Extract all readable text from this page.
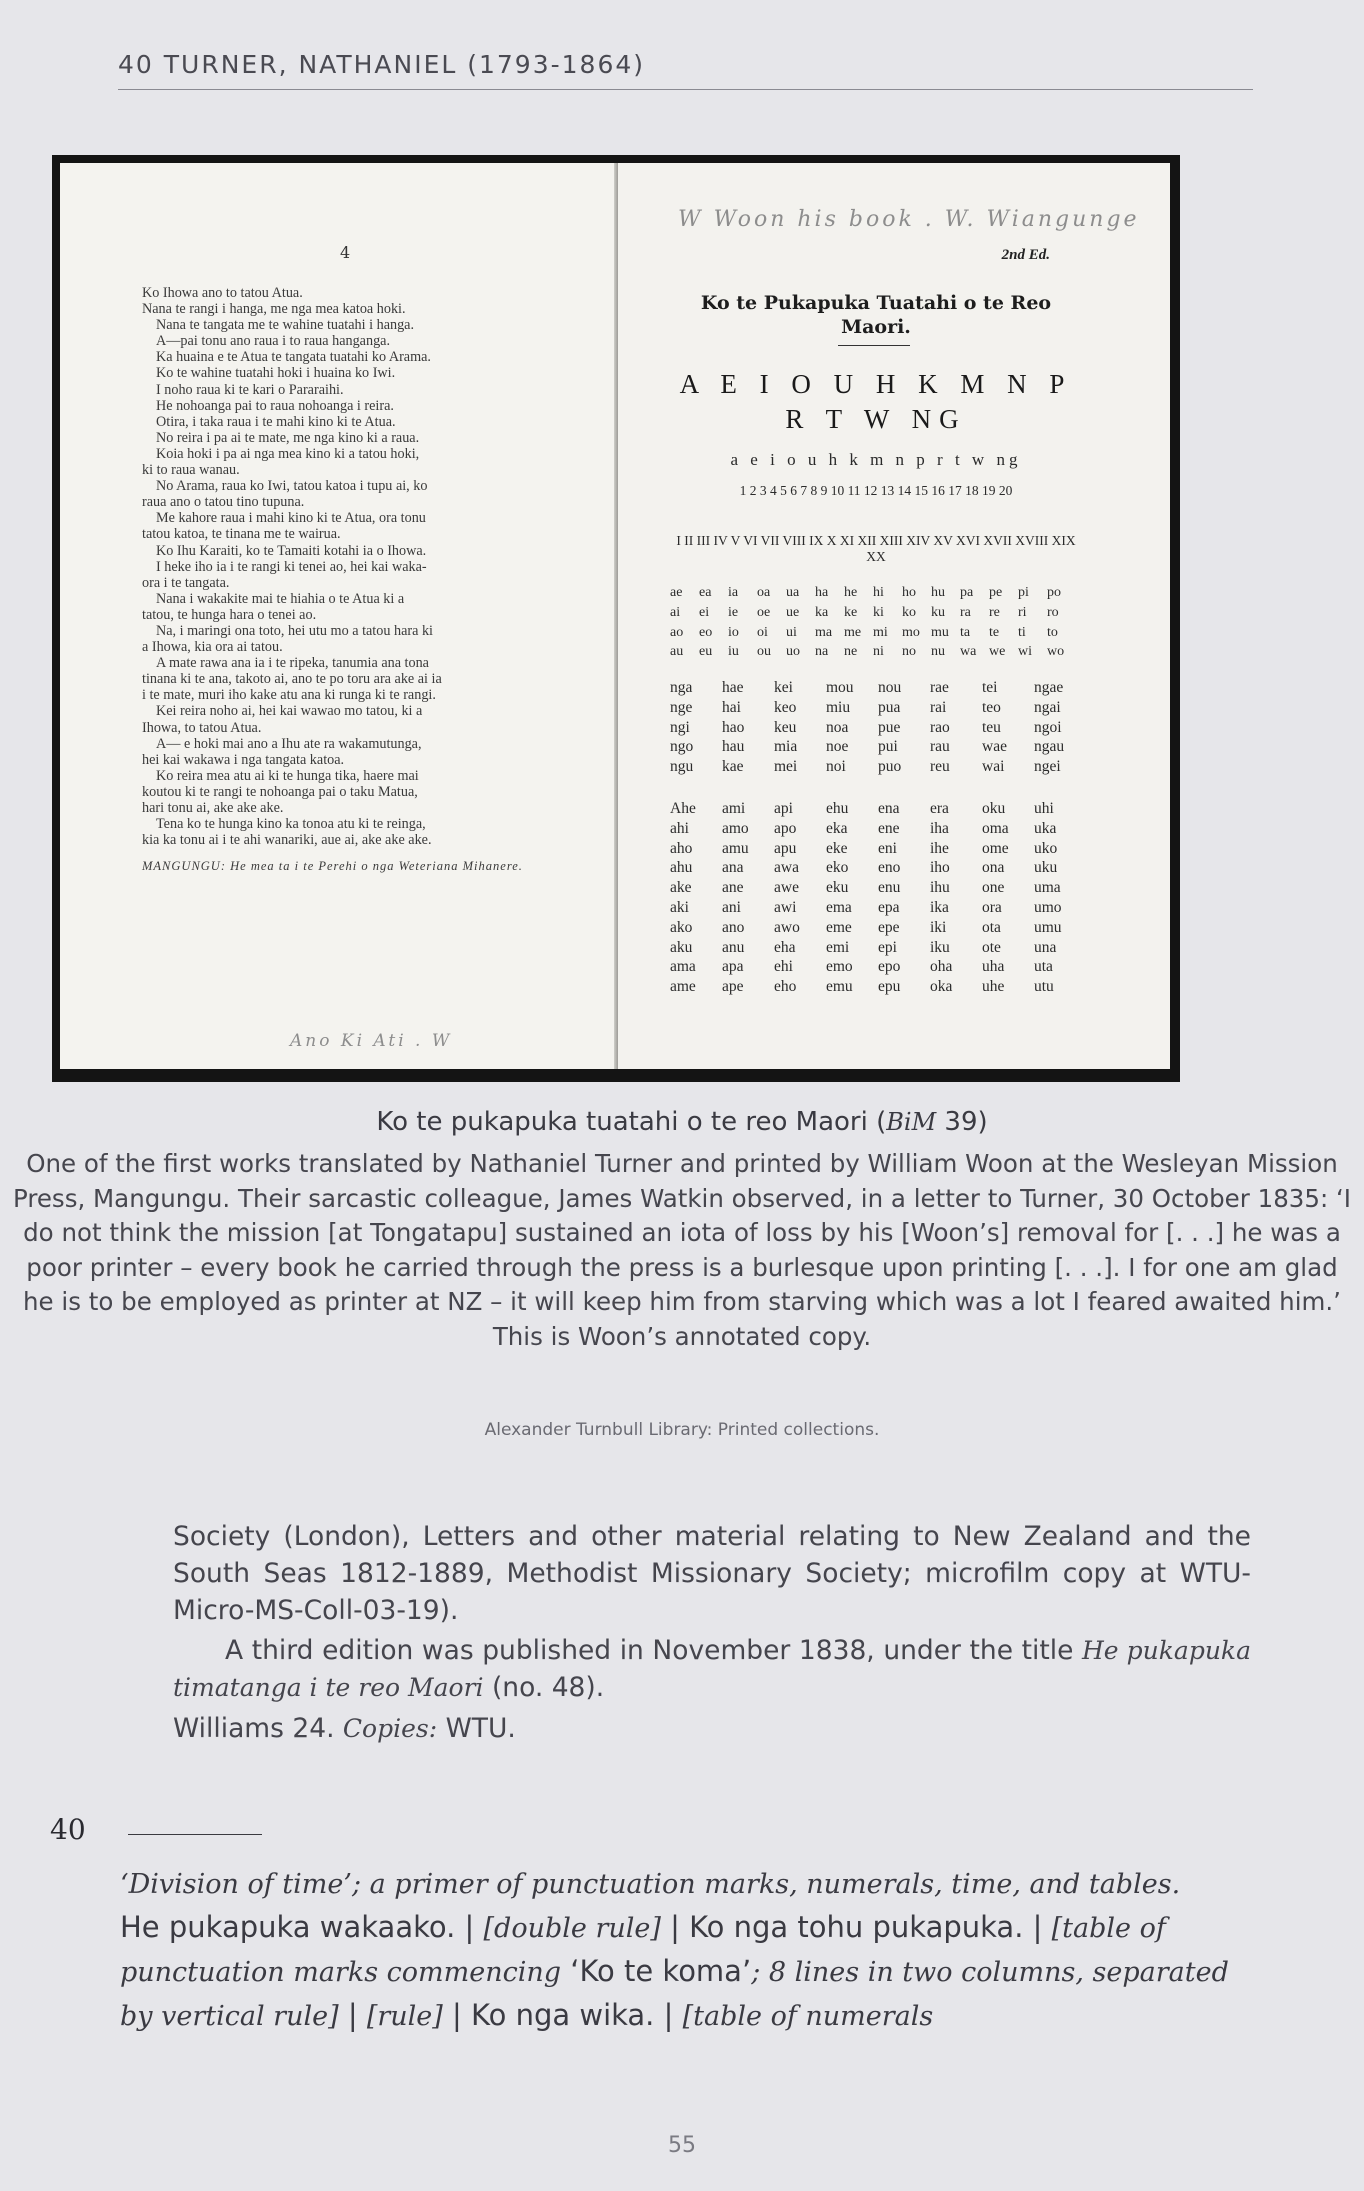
40 TURNER, NATHANIEL (1793-1864)
4
Ko Ihowa ano to tatou Atua.
Nana te rangi i hanga, me nga mea katoa hoki.
Nana te tangata me te wahine tuatahi i hanga.
A—pai tonu ano raua i to raua hanganga.
Ka huaina e te Atua te tangata tuatahi ko Arama.
Ko te wahine tuatahi hoki i huaina ko Iwi.
I noho raua ki te kari o Pararaihi.
He nohoanga pai to raua nohoanga i reira.
Otira, i taka raua i te mahi kino ki te Atua.
No reira i pa ai te mate, me nga kino ki a raua.
Koia hoki i pa ai nga mea kino ki a tatou hoki,
ki to raua wanau.
No Arama, raua ko Iwi, tatou katoa i tupu ai, ko
raua ano o tatou tino tupuna.
Me kahore raua i mahi kino ki te Atua, ora tonu
tatou katoa, te tinana me te wairua.
Ko Ihu Karaiti, ko te Tamaiti kotahi ia o Ihowa.
I heke iho ia i te rangi ki tenei ao, hei kai waka-
ora i te tangata.
Nana i wakakite mai te hiahia o te Atua ki a
tatou, te hunga hara o tenei ao.
Na, i maringi ona toto, hei utu mo a tatou hara ki
a Ihowa, kia ora ai tatou.
A mate rawa ana ia i te ripeka, tanumia ana tona
tinana ki te ana, takoto ai, ano te po toru ara ake ai ia
i te mate, muri iho kake atu ana ki runga ki te rangi.
Kei reira noho ai, hei kai wawao mo tatou, ki a
Ihowa, to tatou Atua.
A— e hoki mai ano a Ihu ate ra wakamutunga,
hei kai wakawa i nga tangata katoa.
Ko reira mea atu ai ki te hunga tika, haere mai
koutou ki te rangi te nohoanga pai o taku Matua,
hari tonu ai, ake ake ake.
Tena ko te hunga kino ka tonoa atu ki te reinga,
kia ka tonu ai i te ahi wanariki, aue ai, ake ake ake.
MANGUNGU: He mea ta i te Perehi o nga Weteriana Mihanere.
Ano Ki Ati . W
W Woon his book . W. Wiangunge
2nd Ed.
Ko te Pukapuka Tuatahi o te Reo Maori.
A E I O U H K M N P R T W NG
a e i o u h k m n p r t w ng
1 2 3 4 5 6 7 8 9 10 11 12 13 14 15 16 17 18 19 20
I II III IV V VI VII VIII IX X XI XII XIII XIV XV XVI XVII XVIII XIX XX
ae	ea	ia	oa	ua	ha	he	hi	ho	hu	pa	pe	pi	po
ai	ei	ie	oe	ue	ka	ke	ki	ko	ku	ra	re	ri	ro
ao	eo	io	oi	ui	ma	me	mi	mo	mu	ta	te	ti	to
au	eu	iu	ou	uo	na	ne	ni	no	nu	wa	we	wi	wo
nga	hae	kei	mou	nou	rae	tei	ngae
nge	hai	keo	miu	pua	rai	teo	ngai
ngi	hao	keu	noa	pue	rao	teu	ngoi
ngo	hau	mia	noe	pui	rau	wae	ngau
ngu	kae	mei	noi	puo	reu	wai	ngei
Ahe	ami	api	ehu	ena	era	oku	uhi
ahi	amo	apo	eka	ene	iha	oma	uka
aho	amu	apu	eke	eni	ihe	ome	uko
ahu	ana	awa	eko	eno	iho	ona	uku
ake	ane	awe	eku	enu	ihu	one	uma
aki	ani	awi	ema	epa	ika	ora	umo
ako	ano	awo	eme	epe	iki	ota	umu
aku	anu	eha	emi	epi	iku	ote	una
ama	apa	ehi	emo	epo	oha	uha	uta
ame	ape	eho	emu	epu	oka	uhe	utu
Ko te pukapuka tuatahi o te reo Maori (BiM 39)
One of the first works translated by Nathaniel Turner and printed by William Woon at the Wesleyan Mission Press, Mangungu. Their sarcastic colleague, James Watkin observed, in a letter to Turner, 30 October 1835: ‘I do not think the mission [at Tongatapu] sustained an iota of loss by his [Woon’s] removal for [. . .] he was a poor printer – every book he carried through the press is a burlesque upon printing [. . .]. I for one am glad he is to be employed as printer at NZ – it will keep him from starving which was a lot I feared awaited him.’ This is Woon’s annotated copy.
Alexander Turnbull Library: Printed collections.
Society (London), Letters and other material relating to New Zealand and the South Seas 1812-1889, Methodist Missionary Society; microfilm copy at WTU-Micro-MS-Coll-03-19).
A third edition was published in November 1838, under the title He pukapuka timatanga i te reo Maori (no. 48).
Williams 24. Copies: WTU.
40
‘Division of time’; a primer of punctuation marks, numerals, time, and tables.
He pukapuka wakaako. | [double rule] | Ko nga tohu pukapuka. | [table of punctuation marks commencing ‘Ko te koma’; 8 lines in two columns, separated by vertical rule] | [rule] | Ko nga wika. | [table of numerals
55
